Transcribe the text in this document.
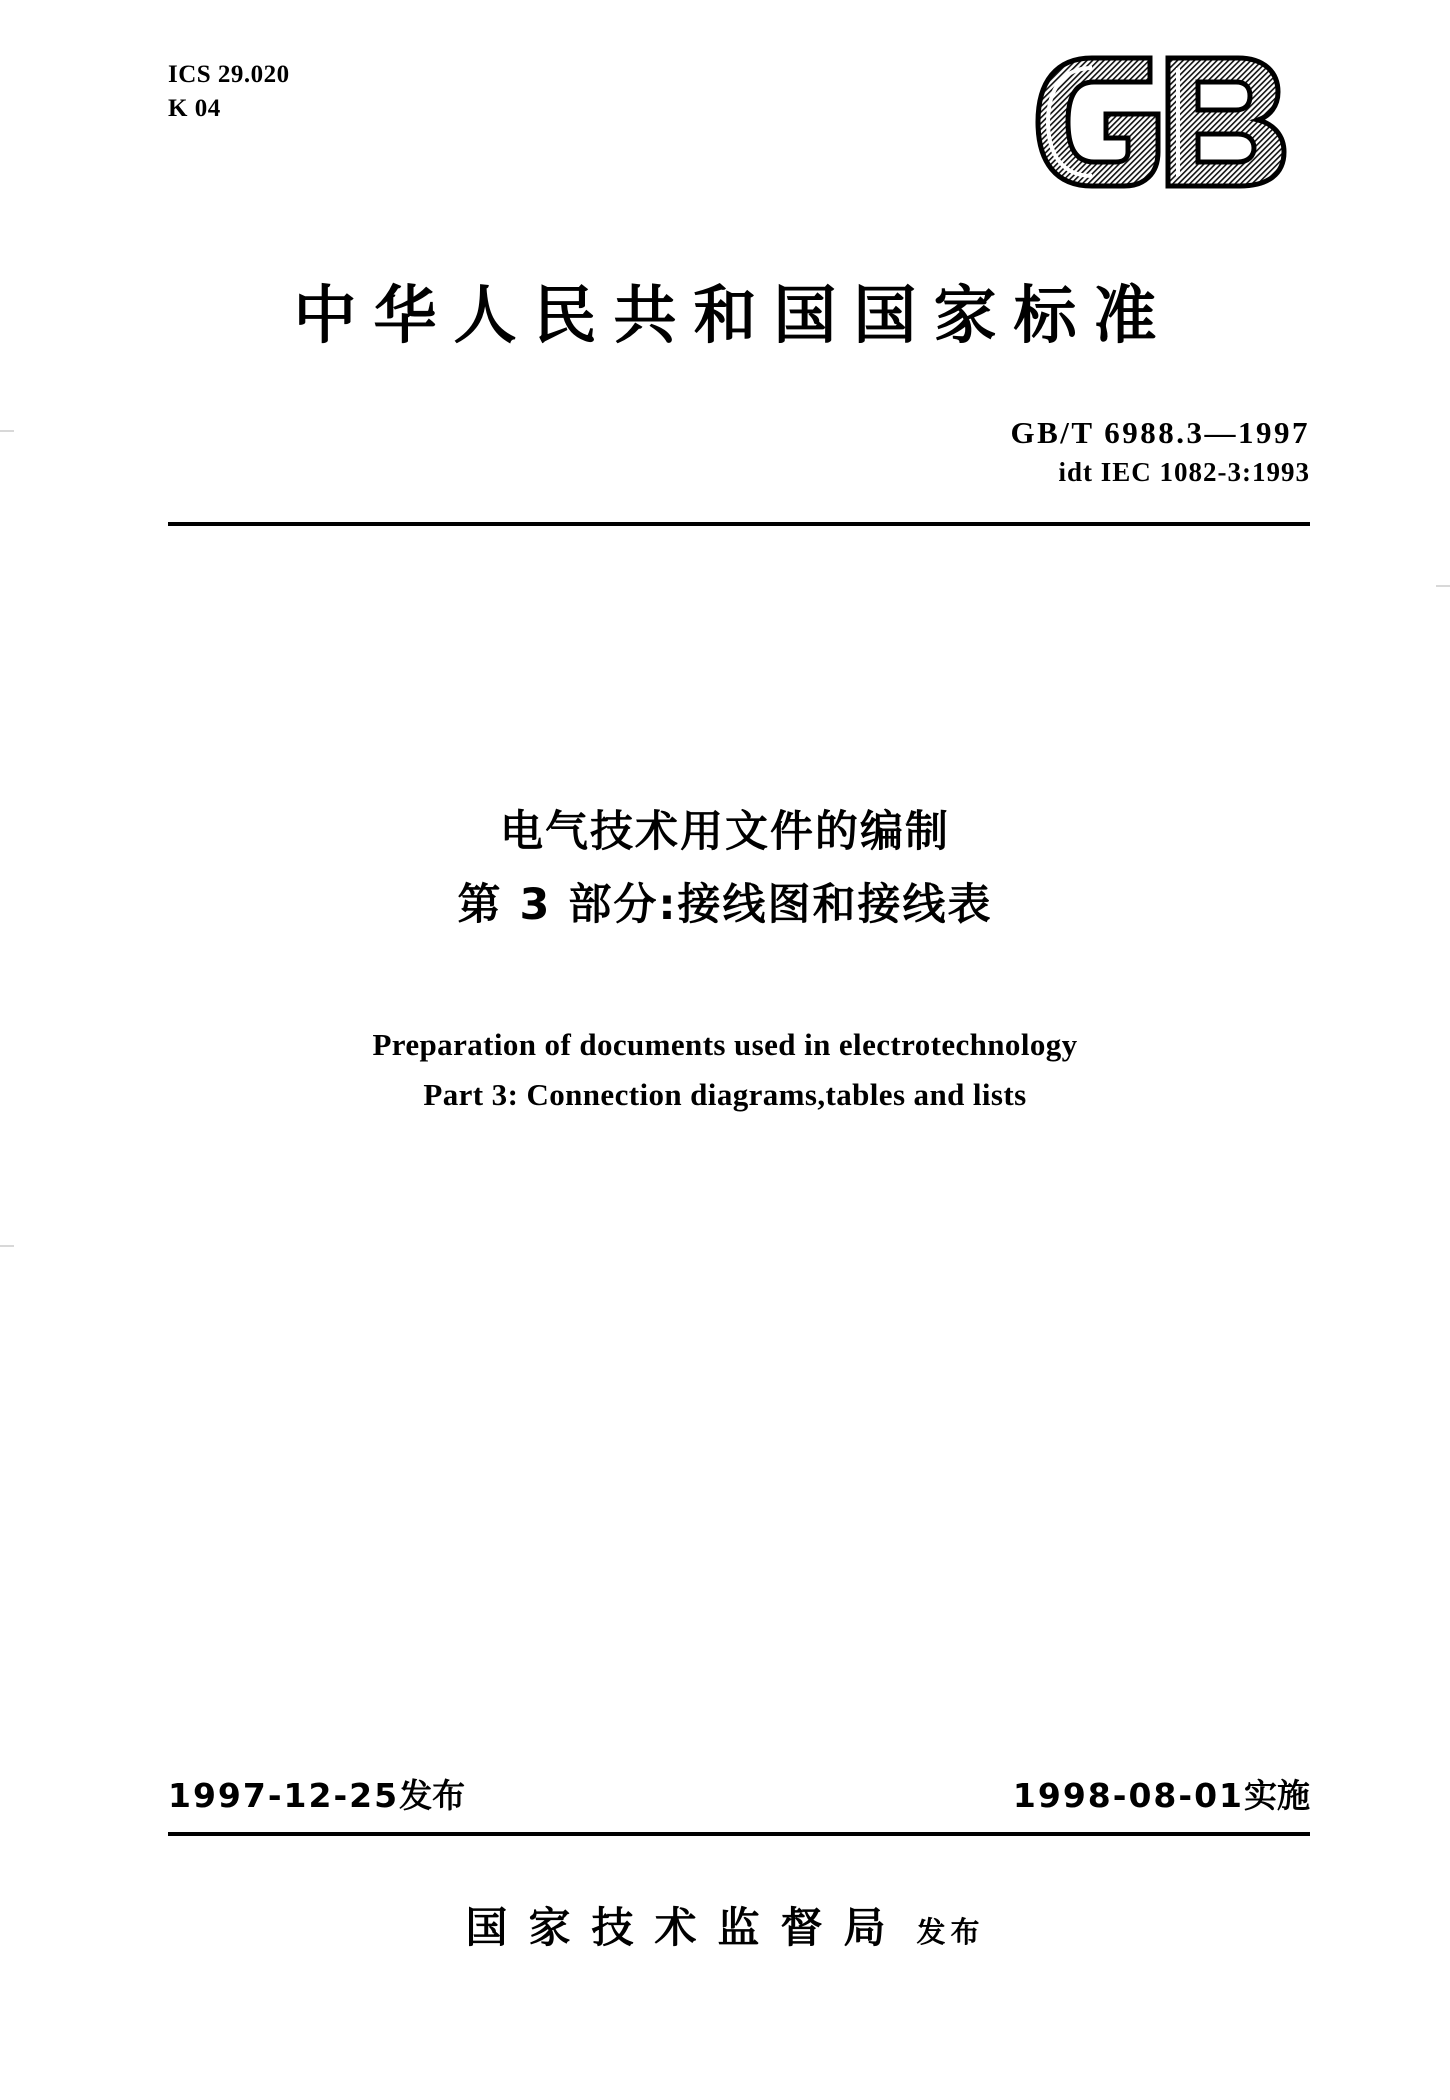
ICS 29.020
K 04
中华人民共和国国家标准
GB/T 6988.3—1997
idt IEC 1082-3:1993
电气技术用文件的编制
第 3 部分:接线图和接线表
Preparation of documents used in electrotechnology
Part 3: Connection diagrams,tables and lists
1997-12-25发布	1998-08-01实施
国家技术监督局 发布
